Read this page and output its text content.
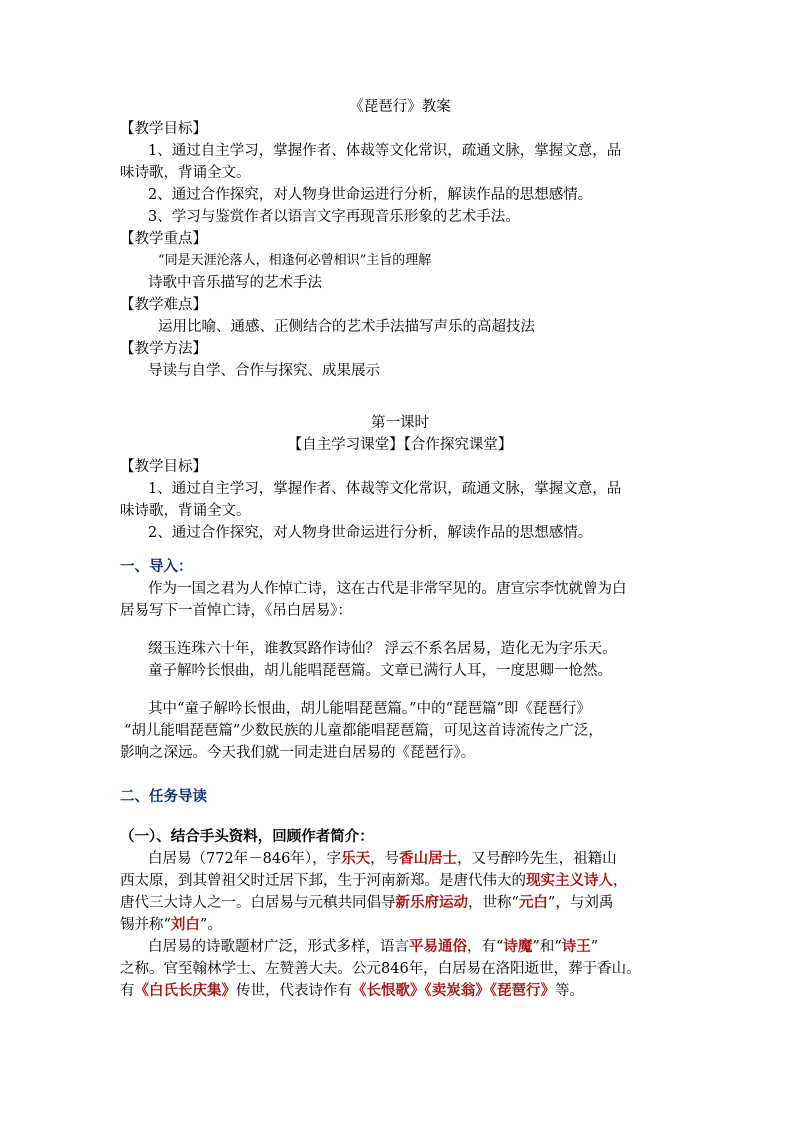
《琵琶行》教案
【教学目标】
1、通过自主学习，掌握作者、体裁等文化常识，疏通文脉，掌握文意，品
味诗歌，背诵全文。
2、通过合作探究，对人物身世命运进行分析，解读作品的思想感情。
3、学习与鉴赏作者以语言文字再现音乐形象的艺术手法。
【教学重点】
“同是天涯沦落人，相逢何必曾相识”主旨的理解
诗歌中音乐描写的艺术手法
【教学难点】
运用比喻、通感、正侧结合的艺术手法描写声乐的高超技法
【教学方法】
导读与自学、合作与探究、成果展示
第一课时
【自主学习课堂】【合作探究课堂】
【教学目标】
1、通过自主学习，掌握作者、体裁等文化常识，疏通文脉，掌握文意，品
味诗歌，背诵全文。
2、通过合作探究，对人物身世命运进行分析，解读作品的思想感情。
一、导入：
作为一国之君为人作悼亡诗，这在古代是非常罕见的。唐宣宗李忱就曾为白
居易写下一首悼亡诗，《吊白居易》：
缀玉连珠六十年，谁教冥路作诗仙？ 浮云不系名居易，造化无为字乐天。
童子解吟长恨曲，胡儿能唱琵琶篇。文章已满行人耳，一度思卿一怆然。
其中“童子解吟长恨曲，胡儿能唱琵琶篇。”中的“琵琶篇”即《琵琶行》
“胡儿能唱琵琶篇”少数民族的儿童都能唱琵琶篇，可见这首诗流传之广泛，
影响之深远。今天我们就一同走进白居易的《琵琶行》。
二、任务导读
（一）、结合手头资料，回顾作者简介：
白居易（772年－846年），字乐天，号香山居士，又号醉吟先生，祖籍山
西太原，到其曾祖父时迁居下邽，生于河南新郑。是唐代伟大的现实主义诗人，
唐代三大诗人之一。白居易与元稹共同倡导新乐府运动，世称“元白”，与刘禹
锡并称“刘白”。
白居易的诗歌题材广泛，形式多样，语言平易通俗，有“诗魔”和“诗王”
之称。官至翰林学士、左赞善大夫。公元846年，白居易在洛阳逝世，葬于香山。
有《白氏长庆集》传世，代表诗作有《长恨歌》《卖炭翁》《琵琶行》等。
